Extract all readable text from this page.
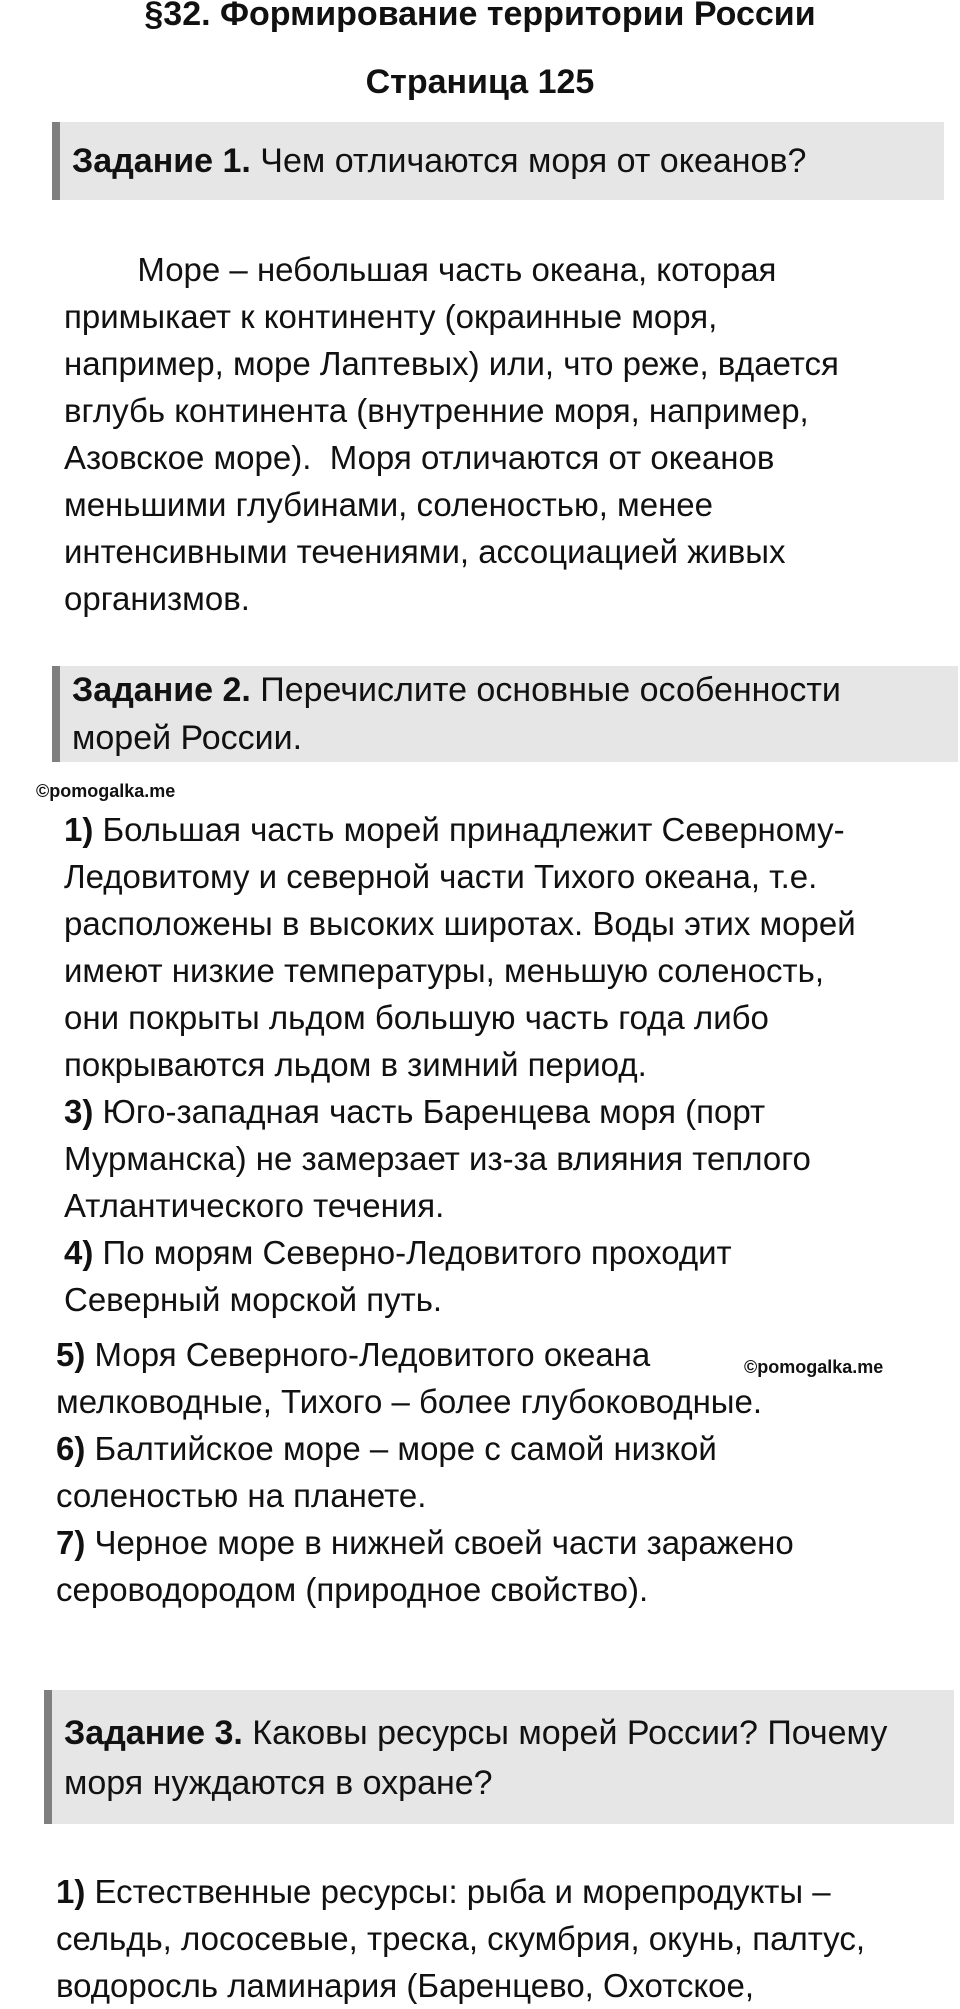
§32. Формирование территории России
Страница 125
Задание 1. Чем отличаются моря от океанов?
Море – небольшая часть океана, которая
примыкает к континенту (окраинные моря,
например, море Лаптевых) или, что реже, вдается
вглубь континента (внутренние моря, например,
Азовское море).  Моря отличаются от океанов
меньшими глубинами, соленостью, менее
интенсивными течениями, ассоциацией живых
организмов.
Задание 2. Перечислите основные особенности
морей России.
©pomogalka.me
1) Большая часть морей принадлежит Северному-
Ледовитому и северной части Тихого океана, т.е.
расположены в высоких широтах. Воды этих морей
имеют низкие температуры, меньшую соленость,
они покрыты льдом большую часть года либо
покрываются льдом в зимний период.
3) Юго-западная часть Баренцева моря (порт
Мурманска) не замерзает из-за влияния теплого
Атлантического течения.
4) По морям Северно-Ледовитого проходит
Северный морской путь.
5) Моря Северного-Ледовитого океана	©pomogalka.me
мелководные, Тихого – более глубоководные.
6) Балтийское море – море с самой низкой
соленостью на планете.
7) Черное море в нижней своей части заражено
сероводородом (природное свойство).
Задание 3. Каковы ресурсы морей России? Почему
моря нуждаются в охране?
1) Естественные ресурсы: рыба и морепродукты –
сельдь, лососевые, треска, скумбрия, окунь, палтус,
водоросль ламинария (Баренцево, Охотское,
